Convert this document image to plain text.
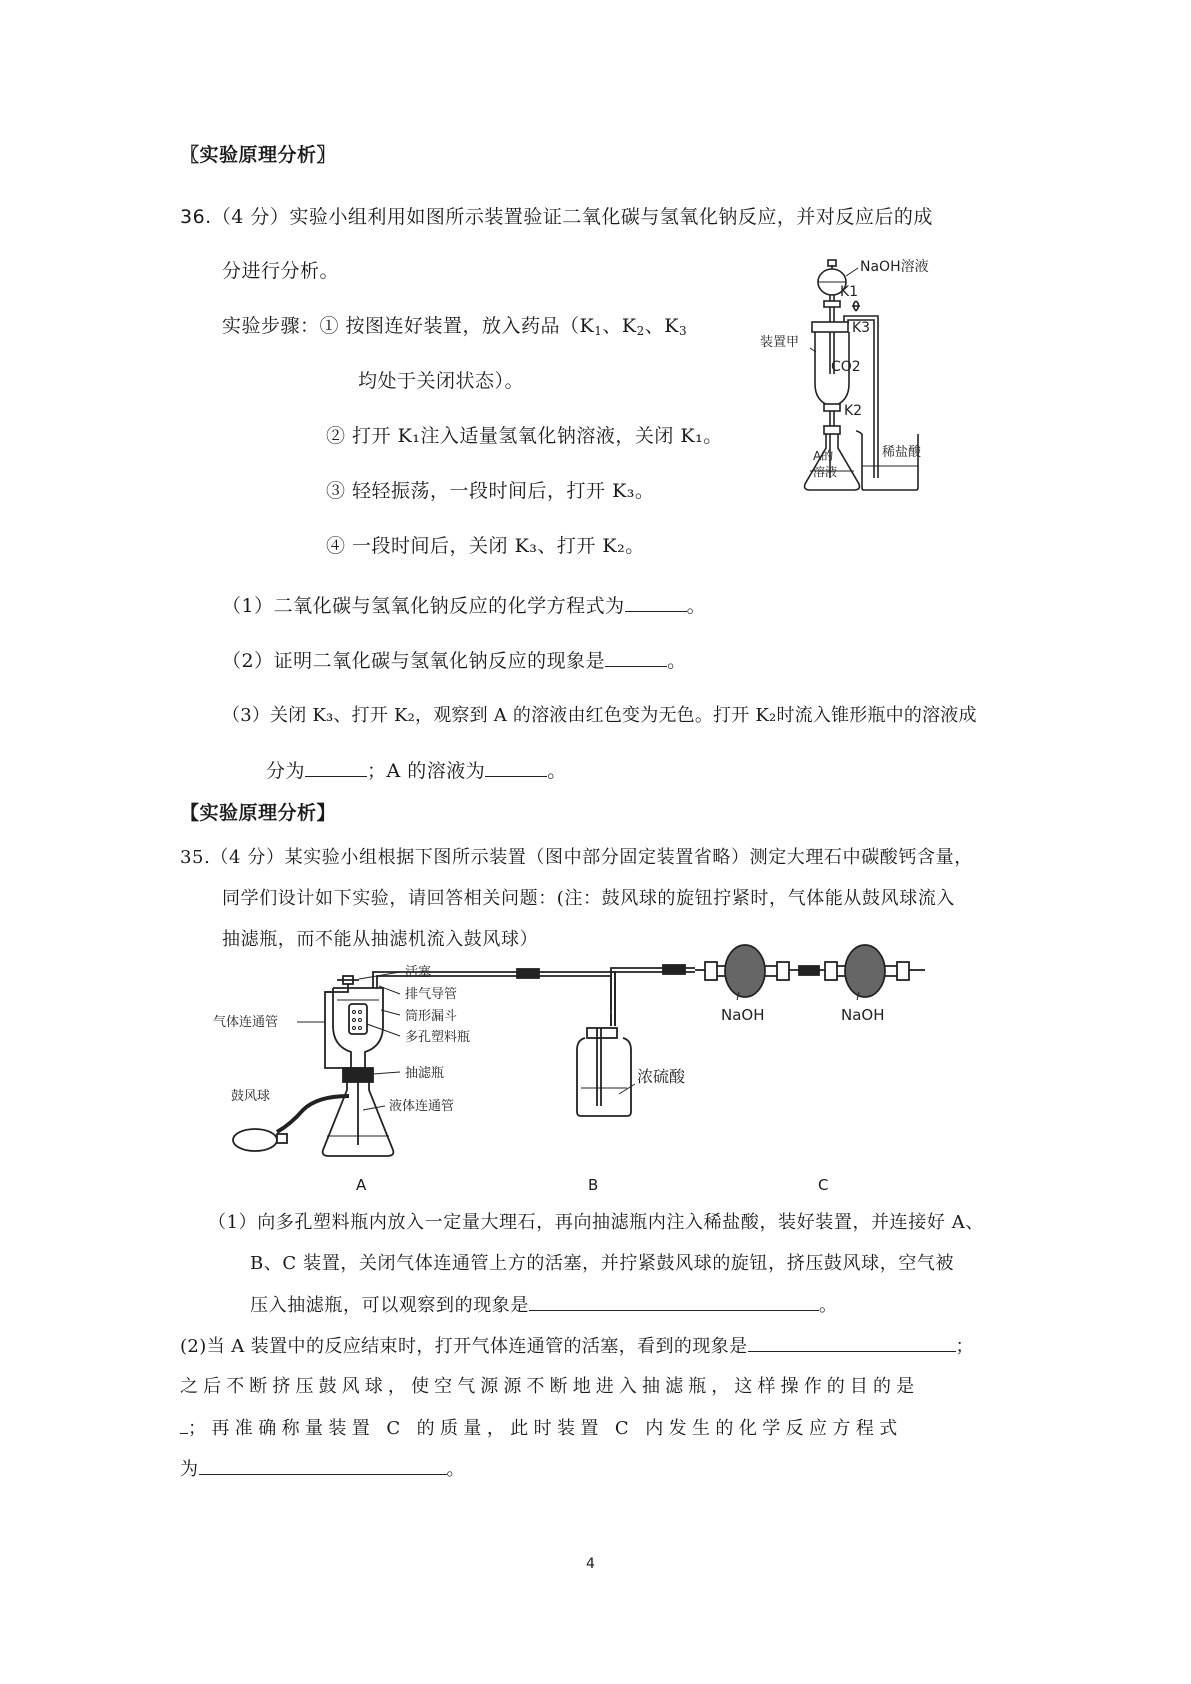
〖实验原理分析〗
36.（4 分）实验小组利用如图所示装置验证二氧化碳与氢氧化钠反应，并对反应后的成
分进行分析。
实验步骤：① 按图连好装置，放入药品（$K_1$、$K_2$、$K_3$
均处于关闭状态）。
② 打开 K₁注入适量氢氧化钠溶液，关闭 K₁。
③ 轻轻振荡，一段时间后，打开 K₃。
④ 一段时间后，关闭 K₃、打开 K₂。
NaOH溶液
K1
K3
装置甲
CO2
K2
A的
溶液
稀盐酸
（1）二氧化碳与氢氧化钠反应的化学方程式为	。
（2）证明二氧化碳与氢氧化钠反应的现象是	。
（3）关闭 K₃、打开 K₂，观察到 A 的溶液由红色变为无色。打开 K₂时流入锥形瓶中的溶液成
分为	；A 的溶液为	。
【实验原理分析】
35.（4 分）某实验小组根据下图所示装置（图中部分固定装置省略）测定大理石中碳酸钙含量，
同学们设计如下实验，请回答相关问题：(注：鼓风球的旋钮拧紧时，气体能从鼓风球流入
抽滤瓶，而不能从抽滤机流入鼓风球）
活塞
排气导管
筒形漏斗
多孔塑料瓶
气体连通管
抽滤瓶
液体连通管
鼓风球
浓硫酸
NaOH	NaOH
A	B	C
（1）向多孔塑料瓶内放入一定量大理石，再向抽滤瓶内注入稀盐酸，装好装置，并连接好 A、
B、C 装置，关闭气体连通管上方的活塞，并拧紧鼓风球的旋钮，挤压鼓风球，空气被
压入抽滤瓶，可以观察到的现象是	。
(2)当 A 装置中的反应结束时，打开气体连通管的活塞，看到的现象是	；
之后不断挤压鼓风球，使空气源源不断地进入抽滤瓶，这样操作的目的是
；再准确称量装置 C 的质量，此时装置 C 内发生的化学反应方程式
为	。
4
